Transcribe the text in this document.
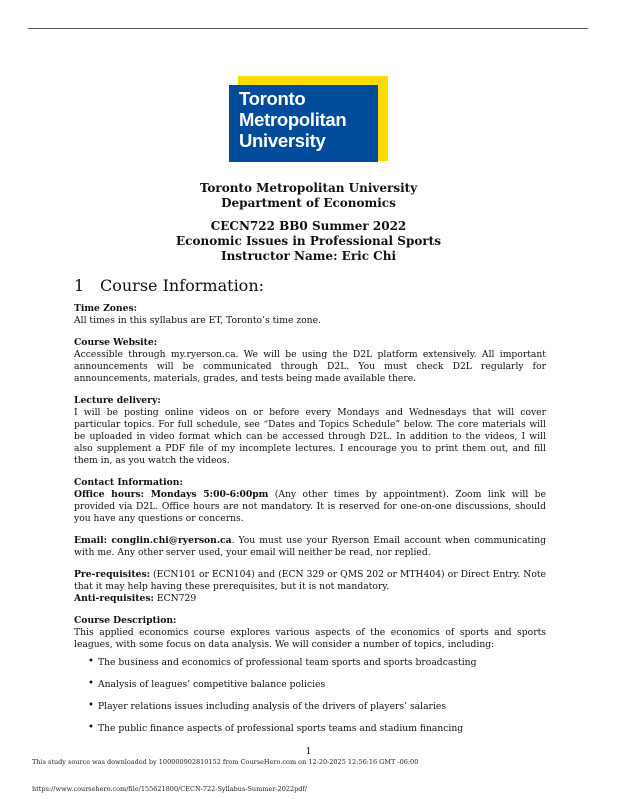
Toronto
Metropolitan
University
Toronto Metropolitan University
Department of Economics
CECN722 BB0 Summer 2022
Economic Issues in Professional Sports
Instructor Name: Eric Chi
1 Course Information:
Time Zones:
All times in this syllabus are ET, Toronto’s time zone.
Course Website:
Accessible through my.ryerson.ca. We will be using the D2L platform extensively. All important announcements will be communicated through D2L. You must check D2L regularly for announcements, materials, grades, and tests being made available there.
Lecture delivery:
I will be posting online videos on or before every Mondays and Wednesdays that will cover particular topics. For full schedule, see “Dates and Topics Schedule” below. The core materials will be uploaded in video format which can be accessed through D2L. In addition to the videos, I will also supplement a PDF file of my incomplete lectures. I encourage you to print them out, and fill them in, as you watch the videos.
Contact Information:
Office hours: Mondays 5:00-6:00pm (Any other times by appointment). Zoom link will be provided via D2L. Office hours are not mandatory. It is reserved for one-on-one discussions, should you have any questions or concerns.
Email: conglin.chi@ryerson.ca. You must use your Ryerson Email account when communicating with me. Any other server used, your email will neither be read, nor replied.
Pre-requisites: (ECN101 or ECN104) and (ECN 329 or QMS 202 or MTH404) or Direct Entry. Note that it may help having these prerequisites, but it is not mandatory.
Anti-requisites: ECN729
Course Description:
This applied economics course explores various aspects of the economics of sports and sports leagues, with some focus on data analysis. We will consider a number of topics, including:
• The business and economics of professional team sports and sports broadcasting
• Analysis of leagues’ competitive balance policies
• Player relations issues including analysis of the drivers of players’ salaries
• The public finance aspects of professional sports teams and stadium financing
1
This study source was downloaded by 100000902810152 from CourseHero.com on 12-20-2025 12:56:16 GMT -06:00
https://www.coursehero.com/file/155621800/CECN-722-Syllabus-Summer-2022pdf/
